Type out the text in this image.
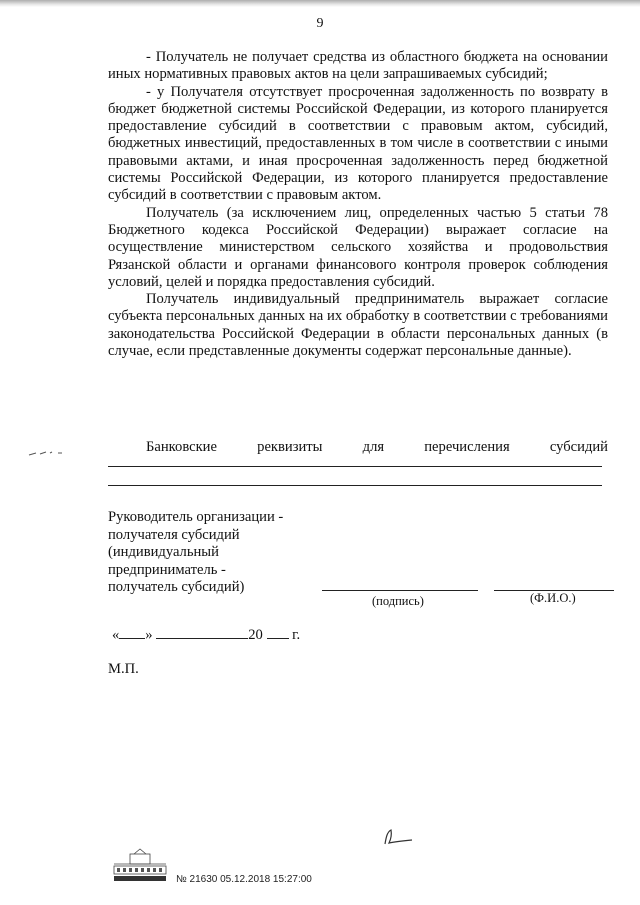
9

- Получатель не получает средства из областного бюджета на основании иных нормативных правовых актов на цели запрашиваемых субсидий;

- у Получателя отсутствует просроченная задолженность по возврату в бюджет бюджетной системы Российской Федерации, из которого планируется предоставление субсидий в соответствии с правовым актом, субсидий, бюджетных инвестиций, предоставленных в том числе в соответствии с иными правовыми актами, и иная просроченная задолженность перед бюджетной системы Российской Федерации, из которого планируется предоставление субсидий в соответствии с правовым актом.

Получатель (за исключением лиц, определенных частью 5 статьи 78 Бюджетного кодекса Российской Федерации) выражает согласие на осуществление министерством сельского хозяйства и продовольствия Рязанской области и органами финансового контроля проверок соблюдения условий, целей и порядка предоставления субсидий.

Получатель индивидуальный предприниматель выражает согласие субъекта персональных данных на их обработку в соответствии с требованиями законодательства Российской Федерации в области персональных данных (в случае, если представленные документы содержат персональные данные).

Банковские	реквизиты	для	перечисления	субсидий
Руководитель организации -
получателя субсидий
(индивидуальный
предприниматель -
получатель субсидий)
(подпись)	(Ф.И.О.)
« »	20 г.
М.П.
№ 21630 05.12.2018 15:27:00
